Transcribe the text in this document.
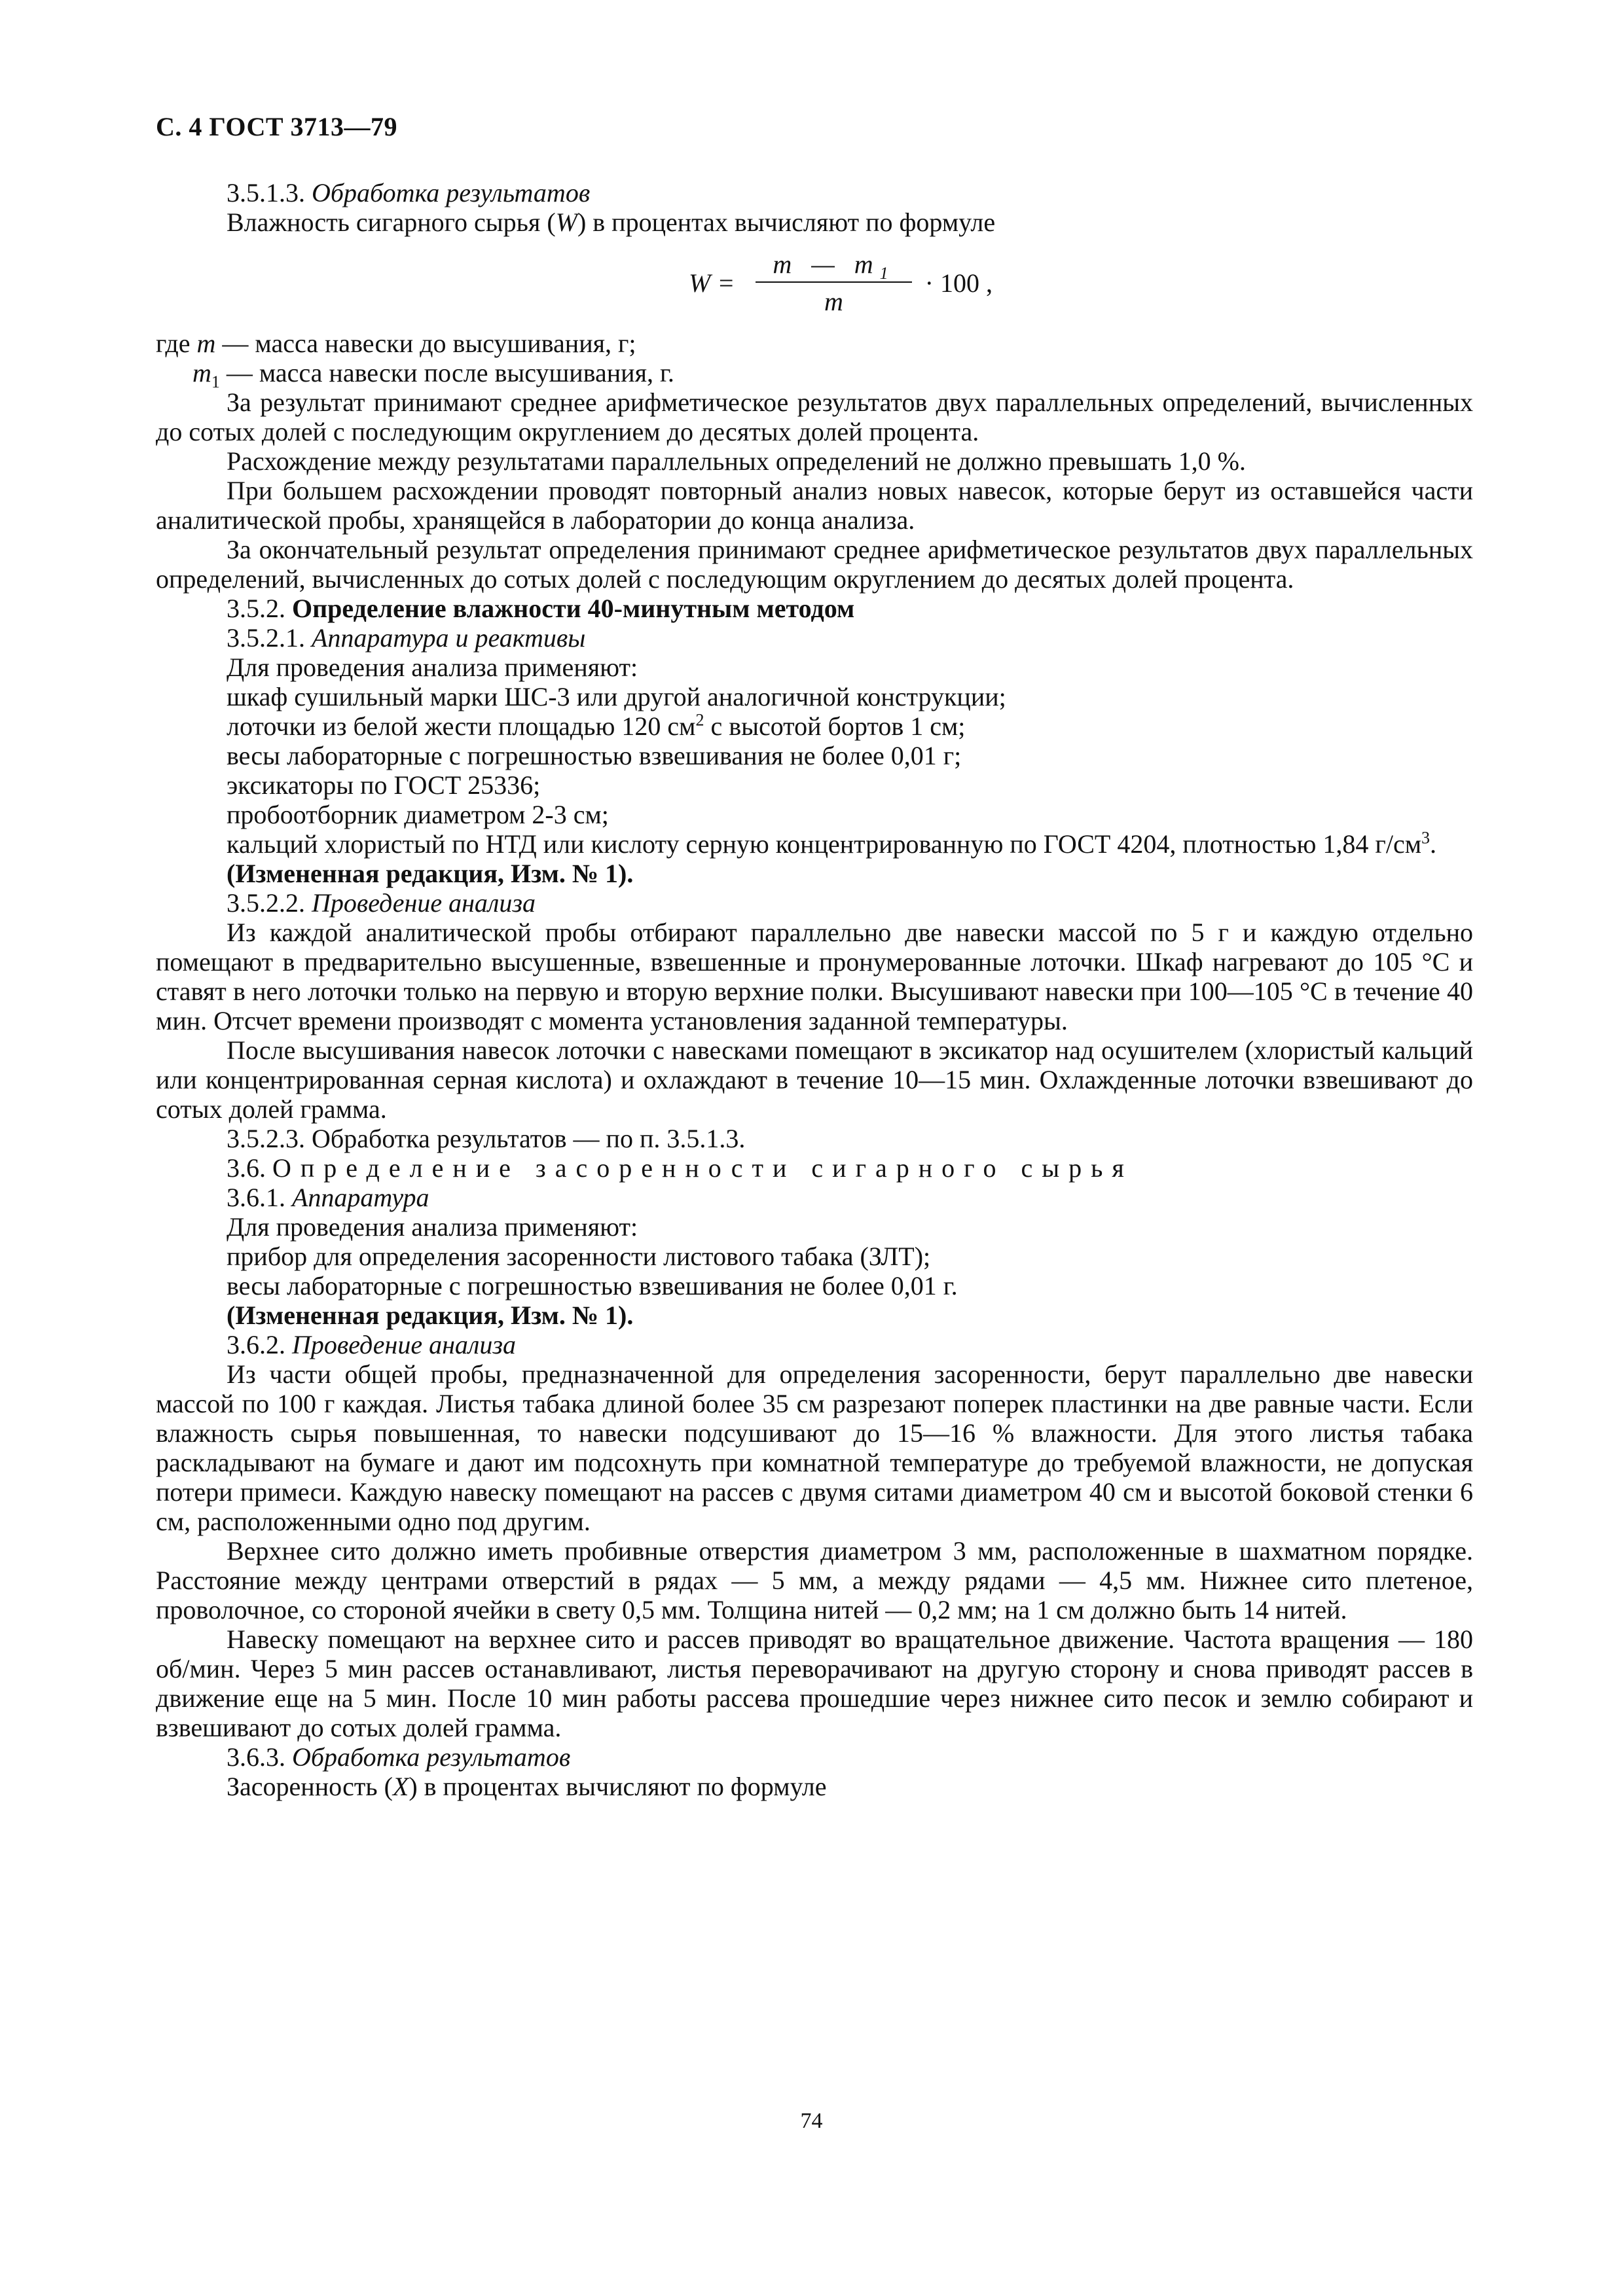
С. 4 ГОСТ 3713—79

3.5.1.3. Обработка результатов

Влажность сигарного сырья (W) в процентах вычисляют по формуле

$W = \frac{m — m_1}{m} \cdot 100$ ,

где m — масса навески до высушивания, г;

$m_1$ — масса навески после высушивания, г.

За результат принимают среднее арифметическое результатов двух параллельных определений, вычисленных до сотых долей с последующим округлением до десятых долей процента.

Расхождение между результатами параллельных определений не должно превышать 1,0 %.

При большем расхождении проводят повторный анализ новых навесок, которые берут из оставшейся части аналитической пробы, хранящейся в лаборатории до конца анализа.

За окончательный результат определения принимают среднее арифметическое результатов двух параллельных определений, вычисленных до сотых долей с последующим округлением до десятых долей процента.

3.5.2. Определение влажности 40-минутным методом

3.5.2.1. Аппаратура и реактивы

Для проведения анализа применяют:

шкаф сушильный марки ШС-3 или другой аналогичной конструкции;

лоточки из белой жести площадью 120 $см^2$ с высотой бортов 1 см;

весы лабораторные с погрешностью взвешивания не более 0,01 г;

эксикаторы по ГОСТ 25336;

пробоотборник диаметром 2-3 см;

кальций хлористый по НТД или кислоту серную концентрированную по ГОСТ 4204, плотностью 1,84 $г/см^3$.

(Измененная редакция, Изм. № 1).

3.5.2.2. Проведение анализа

Из каждой аналитической пробы отбирают параллельно две навески массой по 5 г и каждую отдельно помещают в предварительно высушенные, взвешенные и пронумерованные лоточки. Шкаф нагревают до 105 °С и ставят в него лоточки только на первую и вторую верхние полки. Высушивают навески при 100—105 °С в течение 40 мин. Отсчет времени производят с момента установления заданной температуры.

После высушивания навесок лоточки с навесками помещают в эксикатор над осушителем (хлористый кальций или концентрированная серная кислота) и охлаждают в течение 10—15 мин. Охлажденные лоточки взвешивают до сотых долей грамма.

3.5.2.3. Обработка результатов — по п. 3.5.1.3.

3.6. Определение засоренности сигарного сырья

3.6.1. Аппаратура

Для проведения анализа применяют:

прибор для определения засоренности листового табака (ЗЛТ);

весы лабораторные с погрешностью взвешивания не более 0,01 г.

(Измененная редакция, Изм. № 1).

3.6.2. Проведение анализа

Из части общей пробы, предназначенной для определения засоренности, берут параллельно две навески массой по 100 г каждая. Листья табака длиной более 35 см разрезают поперек пластинки на две равные части. Если влажность сырья повышенная, то навески подсушивают до 15—16 % влажности. Для этого листья табака раскладывают на бумаге и дают им подсохнуть при комнатной температуре до требуемой влажности, не допуская потери примеси. Каждую навеску помещают на рассев с двумя ситами диаметром 40 см и высотой боковой стенки 6 см, расположенными одно под другим.

Верхнее сито должно иметь пробивные отверстия диаметром 3 мм, расположенные в шахматном порядке. Расстояние между центрами отверстий в рядах — 5 мм, а между рядами — 4,5 мм. Нижнее сито плетеное, проволочное, со стороной ячейки в свету 0,5 мм. Толщина нитей — 0,2 мм; на 1 см должно быть 14 нитей.

Навеску помещают на верхнее сито и рассев приводят во вращательное движение. Частота вращения — 180 об/мин. Через 5 мин рассев останавливают, листья переворачивают на другую сторону и снова приводят рассев в движение еще на 5 мин. После 10 мин работы рассева прошедшие через нижнее сито песок и землю собирают и взвешивают до сотых долей грамма.

3.6.3. Обработка результатов

Засоренность (X) в процентах вычисляют по формуле

74
